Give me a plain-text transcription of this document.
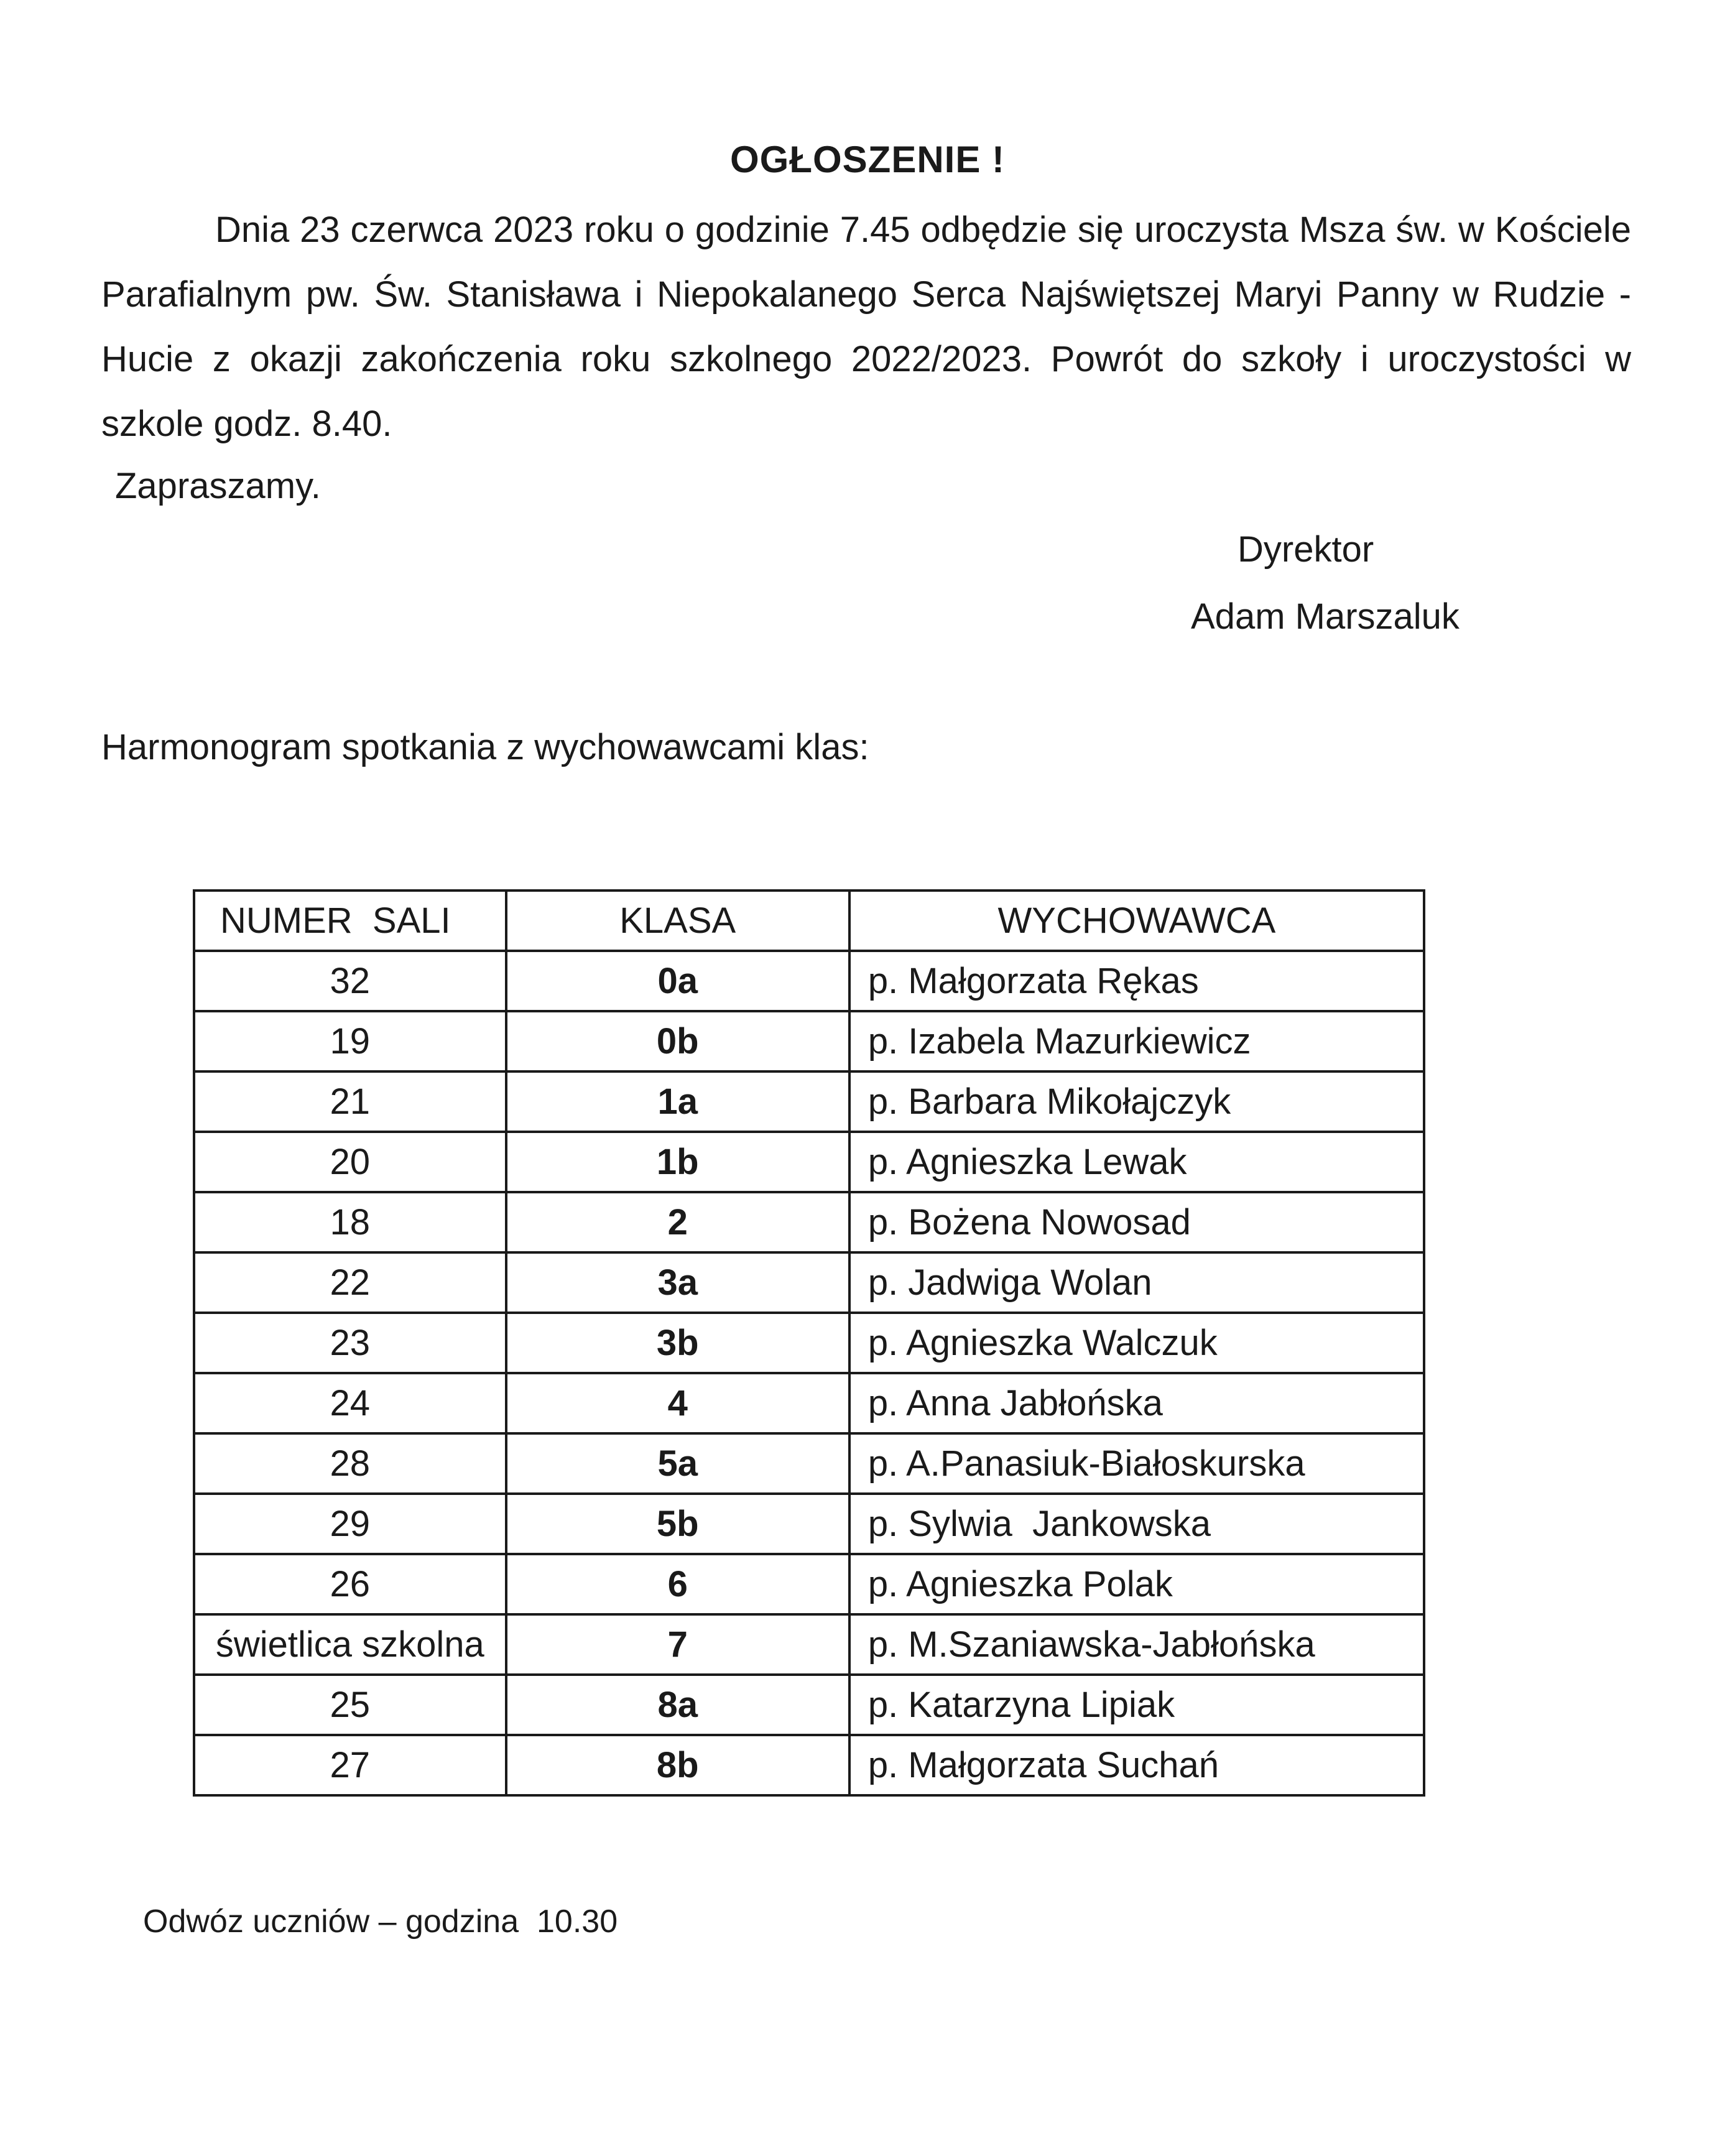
OGŁOSZENIE !

Dnia 23 czerwca 2023 roku o godzinie 7.45 odbędzie się uroczysta Msza św. w Kościele Parafialnym pw. Św. Stanisława i Niepokalanego Serca Najświętszej Maryi Panny w Rudzie - Hucie z okazji zakończenia roku szkolnego 2022/2023. Powrót do szkoły i uroczystości w szkole godz. 8.40.

Zapraszamy.
Dyrektor
Adam Marszaluk
Harmonogram spotkania z wychowawcami klas:
NUMER  SALI	KLASA	WYCHOWAWCA
32	0a	p. Małgorzata Rękas
19	0b	p. Izabela Mazurkiewicz
21	1a	p. Barbara Mikołajczyk
20	1b	p. Agnieszka Lewak
18	2	p. Bożena Nowosad
22	3a	p. Jadwiga Wolan
23	3b	p. Agnieszka Walczuk
24	4	p. Anna Jabłońska
28	5a	p. A.Panasiuk-Białoskurska
29	5b	p. Sylwia  Jankowska
26	6	p. Agnieszka Polak
świetlica szkolna	7	p. M.Szaniawska-Jabłońska
25	8a	p. Katarzyna Lipiak
27	8b	p. Małgorzata Suchań
Odwóz uczniów – godzina  10.30
